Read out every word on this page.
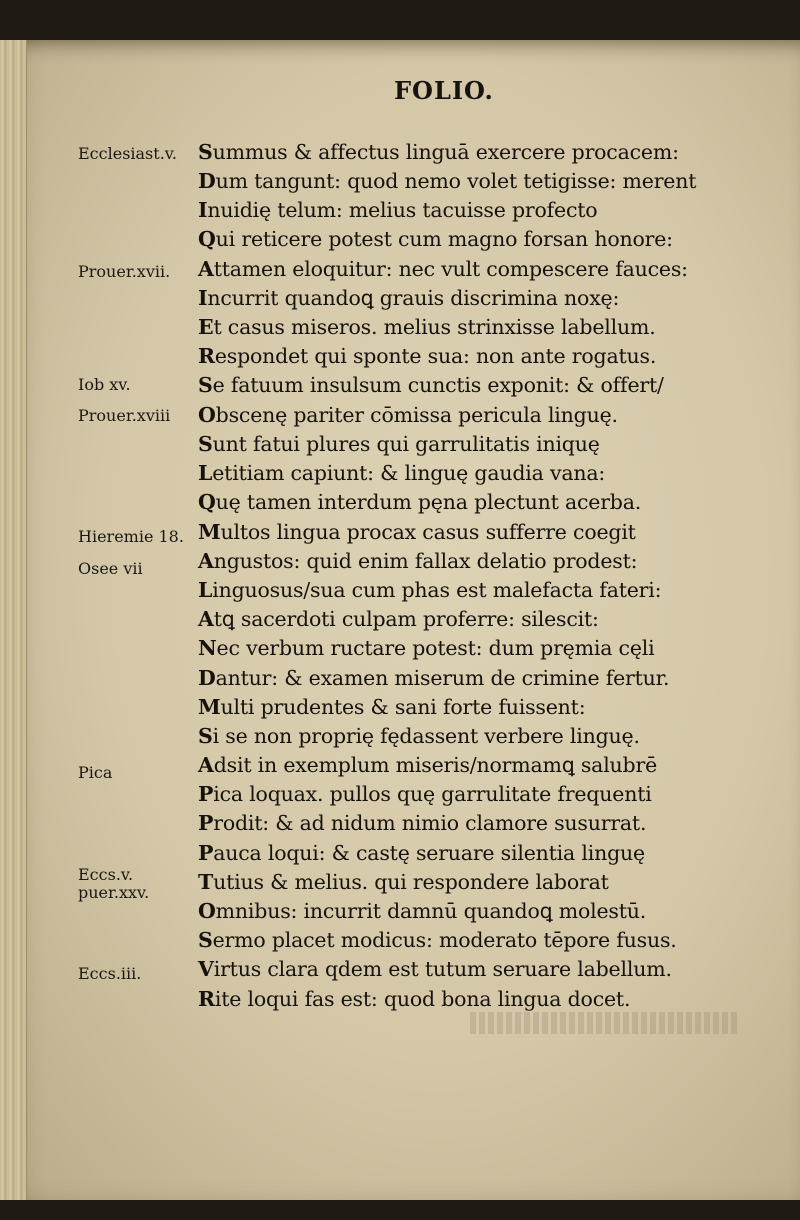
FOLIO.
Ecclesiast.v.
Prouer.xvii.
Iob xv.
Prouer.xviii
Hieremie 18.
Osee vii
Pica
Eccs.v.
puer.xxv.
Eccs.iii.
Summus & affectus linguā exercere procacem:
Dum tangunt: quod nemo volet tetigisse: merent
Inuidię telum: melius tacuisse profecto
Qui reticere potest cum magno forsan honore:
Attamen eloquitur: nec vult compescere fauces:
Incurrit quandoꝗ grauis discrimina noxę:
Et casus miseros. melius strinxisse labellum.
Respondet qui sponte sua: non ante rogatus.
Se fatuum insulsum cunctis exponit: & offert/
Obscenę pariter cōmissa pericula linguę.
Sunt fatui plures qui garrulitatis iniquę
Letitiam capiunt: & linguę gaudia vana:
Quę tamen interdum pęna plectunt acerba.
Multos lingua procax casus sufferre coegit
Angustos: quid enim fallax delatio prodest:
Linguosus/sua cum phas est malefacta fateri:
Atꝗ sacerdoti culpam proferre: silescit:
Nec verbum ructare potest: dum pręmia cęli
Dantur: & examen miserum de crimine fertur.
Multi prudentes & sani forte fuissent:
Si se non proprię fędassent verbere linguę.
Adsit in exemplum miseris/normamꝗ salubrē
Pica loquax. pullos quę garrulitate frequenti
Prodit: & ad nidum nimio clamore susurrat.
Pauca loqui: & castę seruare silentia linguę
Tutius & melius. qui respondere laborat
Omnibus: incurrit damnū quandoꝗ molestū.
Sermo placet modicus: moderato tēpore fusus.
Virtus clara qdem est tutum seruare labellum.
Rite loqui fas est: quod bona lingua docet.
